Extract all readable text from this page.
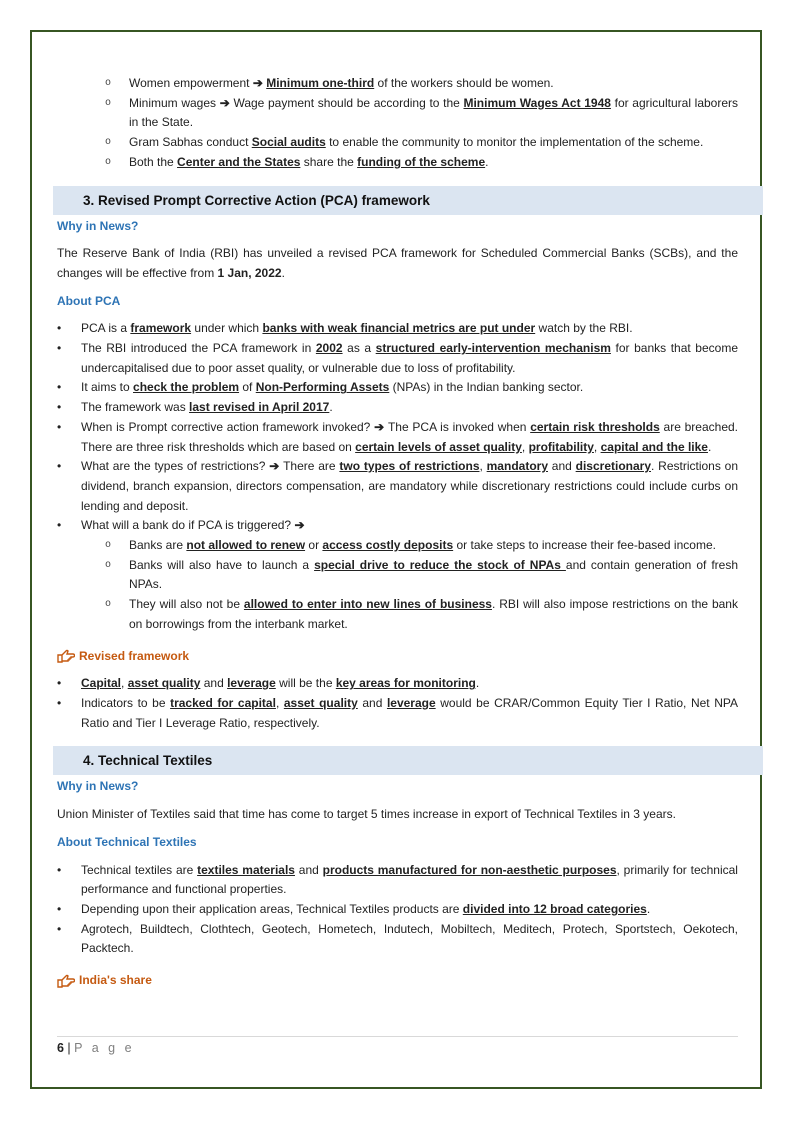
o Women empowerment ➔ Minimum one-third of the workers should be women.
o Minimum wages ➔ Wage payment should be according to the Minimum Wages Act 1948 for agricultural laborers in the State.
o Gram Sabhas conduct Social audits to enable the community to monitor the implementation of the scheme.
o Both the Center and the States share the funding of the scheme.
3. Revised Prompt Corrective Action (PCA) framework
Why in News?

The Reserve Bank of India (RBI) has unveiled a revised PCA framework for Scheduled Commercial Banks (SCBs), and the changes will be effective from 1 Jan, 2022.

About PCA
• PCA is a framework under which banks with weak financial metrics are put under watch by the RBI.
• The RBI introduced the PCA framework in 2002 as a structured early-intervention mechanism for banks that become undercapitalised due to poor asset quality, or vulnerable due to loss of profitability.
• It aims to check the problem of Non-Performing Assets (NPAs) in the Indian banking sector.
• The framework was last revised in April 2017.
• When is Prompt corrective action framework invoked? ➔ The PCA is invoked when certain risk thresholds are breached. There are three risk thresholds which are based on certain levels of asset quality, profitability, capital and the like.
• What are the types of restrictions? ➔ There are two types of restrictions, mandatory and discretionary. Restrictions on dividend, branch expansion, directors compensation, are mandatory while discretionary restrictions could include curbs on lending and deposit.
• What will a bank do if PCA is triggered? ➔
o Banks are not allowed to renew or access costly deposits or take steps to increase their fee-based income.
o Banks will also have to launch a special drive to reduce the stock of NPAs and contain generation of fresh NPAs.
o They will also not be allowed to enter into new lines of business. RBI will also impose restrictions on the bank on borrowings from the interbank market.
Revised framework
• Capital, asset quality and leverage will be the key areas for monitoring.
• Indicators to be tracked for capital, asset quality and leverage would be CRAR/Common Equity Tier I Ratio, Net NPA Ratio and Tier I Leverage Ratio, respectively.
4. Technical Textiles
Why in News?

Union Minister of Textiles said that time has come to target 5 times increase in export of Technical Textiles in 3 years.

About Technical Textiles
• Technical textiles are textiles materials and products manufactured for non-aesthetic purposes, primarily for technical performance and functional properties.
• Depending upon their application areas, Technical Textiles products are divided into 12 broad categories.
• Agrotech, Buildtech, Clothtech, Geotech, Hometech, Indutech, Mobiltech, Meditech, Protech, Sportstech, Oekotech, Packtech.
India's share
6 | P a g e
